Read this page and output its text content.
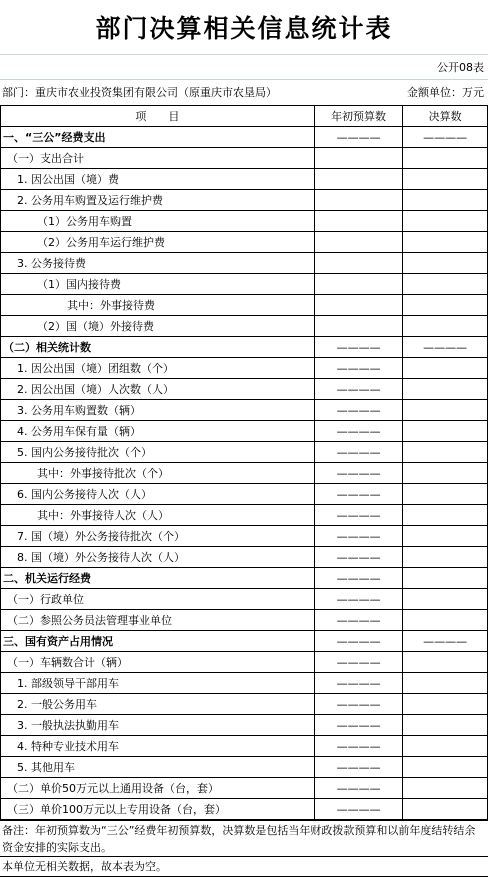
部门决算相关信息统计表
公开08表
部门：重庆市农业投资集团有限公司（原重庆市农垦局）	金额单位：万元
项　　目	年初预算数	决算数
一、“三公”经费支出	————	————
（一）支出合计		
1. 因公出国（境）费		
2. 公务用车购置及运行维护费		
（1）公务用车购置		
（2）公务用车运行维护费		
3. 公务接待费		
（1）国内接待费		
其中：外事接待费		
（2）国（境）外接待费		
（二）相关统计数	————	————
1. 因公出国（境）团组数（个）	————	
2. 因公出国（境）人次数（人）	————	
3. 公务用车购置数（辆）	————	
4. 公务用车保有量（辆）	————	
5. 国内公务接待批次（个）	————	
其中：外事接待批次（个）	————	
6. 国内公务接待人次（人）	————	
其中：外事接待人次（人）	————	
7. 国（境）外公务接待批次（个）	————	
8. 国（境）外公务接待人次（人）	————	
二、机关运行经费	————	
（一）行政单位	————	
（二）参照公务员法管理事业单位	————	
三、国有资产占用情况	————	————
（一）车辆数合计（辆）	————	
1. 部级领导干部用车	————	
2. 一般公务用车	————	
3. 一般执法执勤用车	————	
4. 特种专业技术用车	————	
5. 其他用车	————	
（二）单价50万元以上通用设备（台，套）	————	
（三）单价100万元以上专用设备（台，套）	————	
备注：年初预算数为“三公”经费年初预算数，决算数是包括当年财政拨款预算和以前年度结转结余资金安排的实际支出。
本单位无相关数据，故本表为空。
